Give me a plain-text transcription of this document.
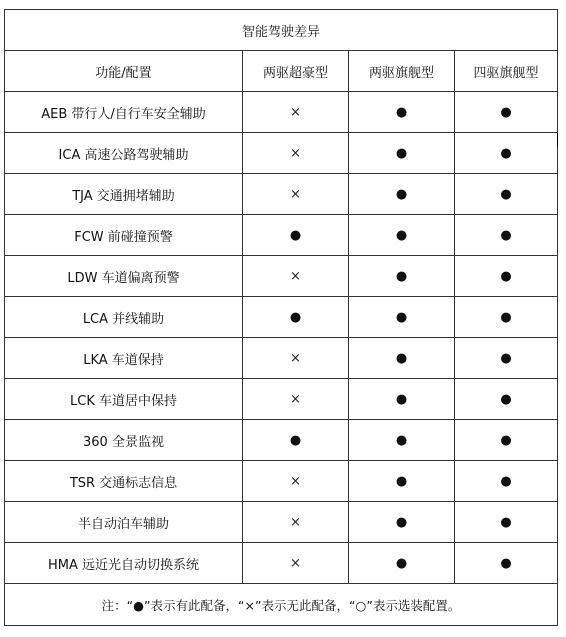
智能驾驶差异			
功能/配置	两驱超豪型	两驱旗舰型	四驱旗舰型
AEB 带行人/自行车安全辅助	×	●	●
ICA 高速公路驾驶辅助	×	●	●
TJA 交通拥堵辅助	×	●	●
FCW 前碰撞预警	●	●	●
LDW 车道偏离预警	×	●	●
LCA 并线辅助	●	●	●
LKA 车道保持	×	●	●
LCK 车道居中保持	×	●	●
360 全景监视	●	●	●
TSR 交通标志信息	×	●	●
半自动泊车辅助	×	●	●
HMA 远近光自动切换系统	×	●	●
注：“●”表示有此配备，“×”表示无此配备，“○”表示选装配置。			
